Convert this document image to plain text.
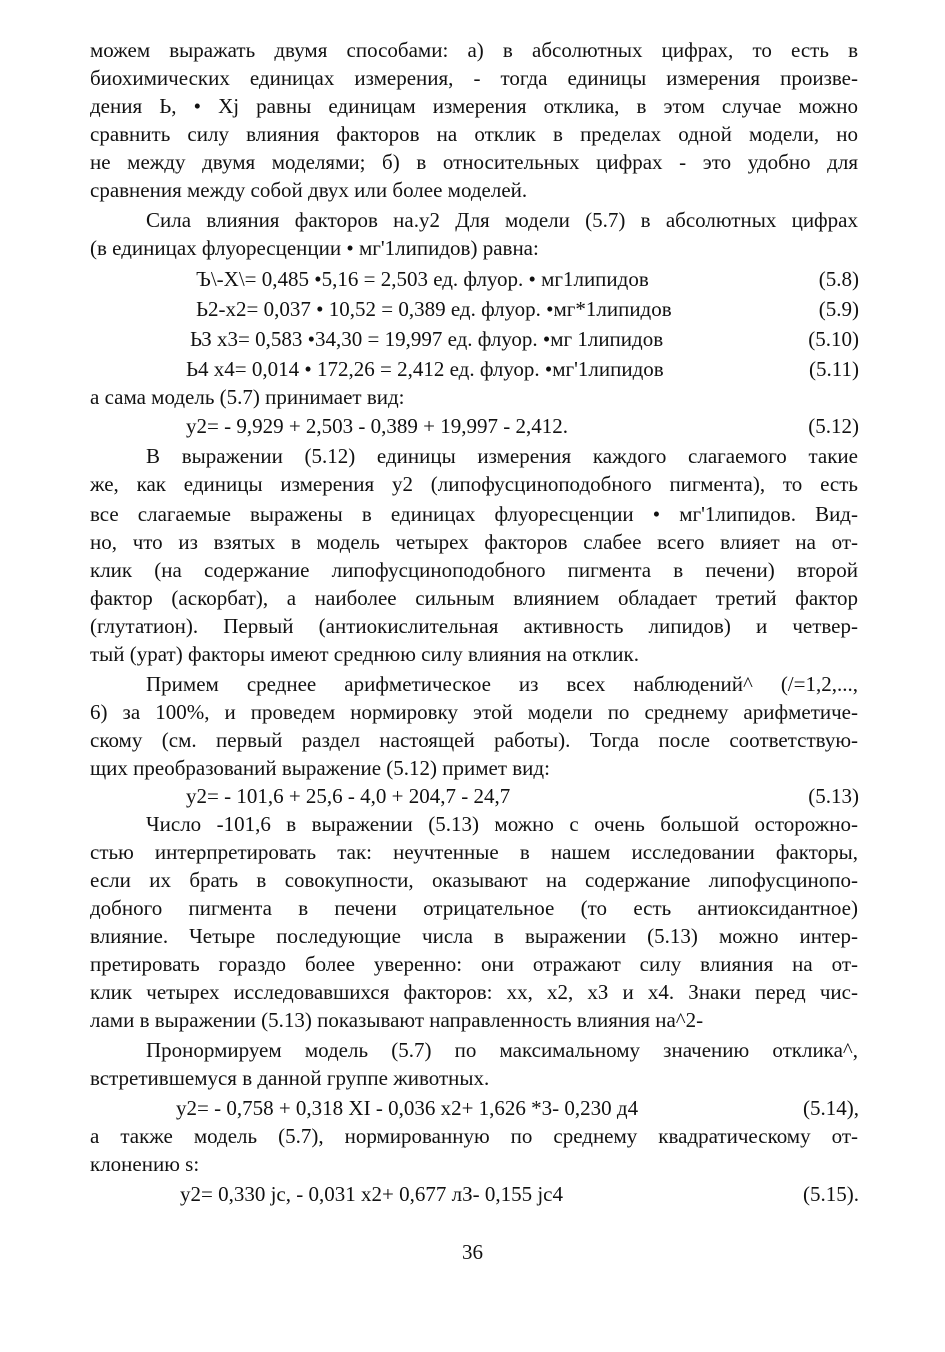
можем выражать двумя способами: а) в абсолютных цифрах, то есть в
биохимических единицах измерения, - тогда единицы измерения произве-
дения Ь, • Xj равны единицам измерения отклика, в этом случае можно
сравнить силу влияния факторов на отклик в пределах одной модели, но
не между двумя моделями; б) в относительных цифрах - это удобно для
сравнения между собой двух или более моделей.
Сила влияния факторов на.у2 Для модели (5.7) в абсолютных цифрах
(в единицах флуоресценции • мг'1липидов) равна:
Ъ\-Х\= 0,485 •5,16 = 2,503 ед. флуор. • мг1липидов	(5.8)
Ь2-х2= 0,037 • 10,52 = 0,389 ед. флуор. •мг*1липидов	(5.9)
ЬЗ х3= 0,583 •34,30 = 19,997 ед. флуор. •мг 1липидов	(5.10)
Ь4 х4= 0,014 • 172,26 = 2,412 ед. флуор. •мг'1липидов	(5.11)
а сама модель (5.7) принимает вид:
у2= - 9,929 + 2,503 - 0,389 + 19,997 - 2,412.	(5.12)
В выражении (5.12) единицы измерения каждого слагаемого такие
же, как единицы измерения у2 (липофусциноподобного пигмента), то есть
все слагаемые выражены в единицах флуоресценции • мг'1липидов. Вид-
но, что из взятых в модель четырех факторов слабее всего влияет на от-
клик (на содержание липофусциноподобного пигмента в печени) второй
фактор (аскорбат), а наиболее сильным влиянием обладает третий фактор
(глутатион). Первый (антиокислительная активность липидов) и четвер-
тый (урат) факторы имеют среднюю силу влияния на отклик.
Примем среднее арифметическое из всех наблюдений^ (/=1,2,...,
6) за 100%, и проведем нормировку этой модели по среднему арифметиче-
скому (см. первый раздел настоящей работы). Тогда после соответствую-
щих преобразований выражение (5.12) примет вид:
у2= - 101,6 + 25,6 - 4,0 + 204,7 - 24,7	(5.13)
Число -101,6 в выражении (5.13) можно с очень большой осторожно-
стью интерпретировать так: неучтенные в нашем исследовании факторы,
если их брать в совокупности, оказывают на содержание липофусцинопо-
добного пигмента в печени отрицательное (то есть антиоксидантное)
влияние. Четыре последующие числа в выражении (5.13) можно интер-
претировать гораздо более уверенно: они отражают силу влияния на от-
клик четырех исследовавшихся факторов: хх, х2, хЗ и х4. Знаки перед чис-
лами в выражении (5.13) показывают направленность влияния на^2-
Пронормируем модель (5.7) по максимальному значению отклика^,
встретившемуся в данной группе животных.
у2= - 0,758 + 0,318 XI - 0,036 х2+ 1,626 *3- 0,230 д4	(5.14),
а также модель (5.7), нормированную по среднему квадратическому от-
клонению s:
у2= 0,330 jc, - 0,031 х2+ 0,677 лЗ- 0,155 jc4	(5.15).
36
